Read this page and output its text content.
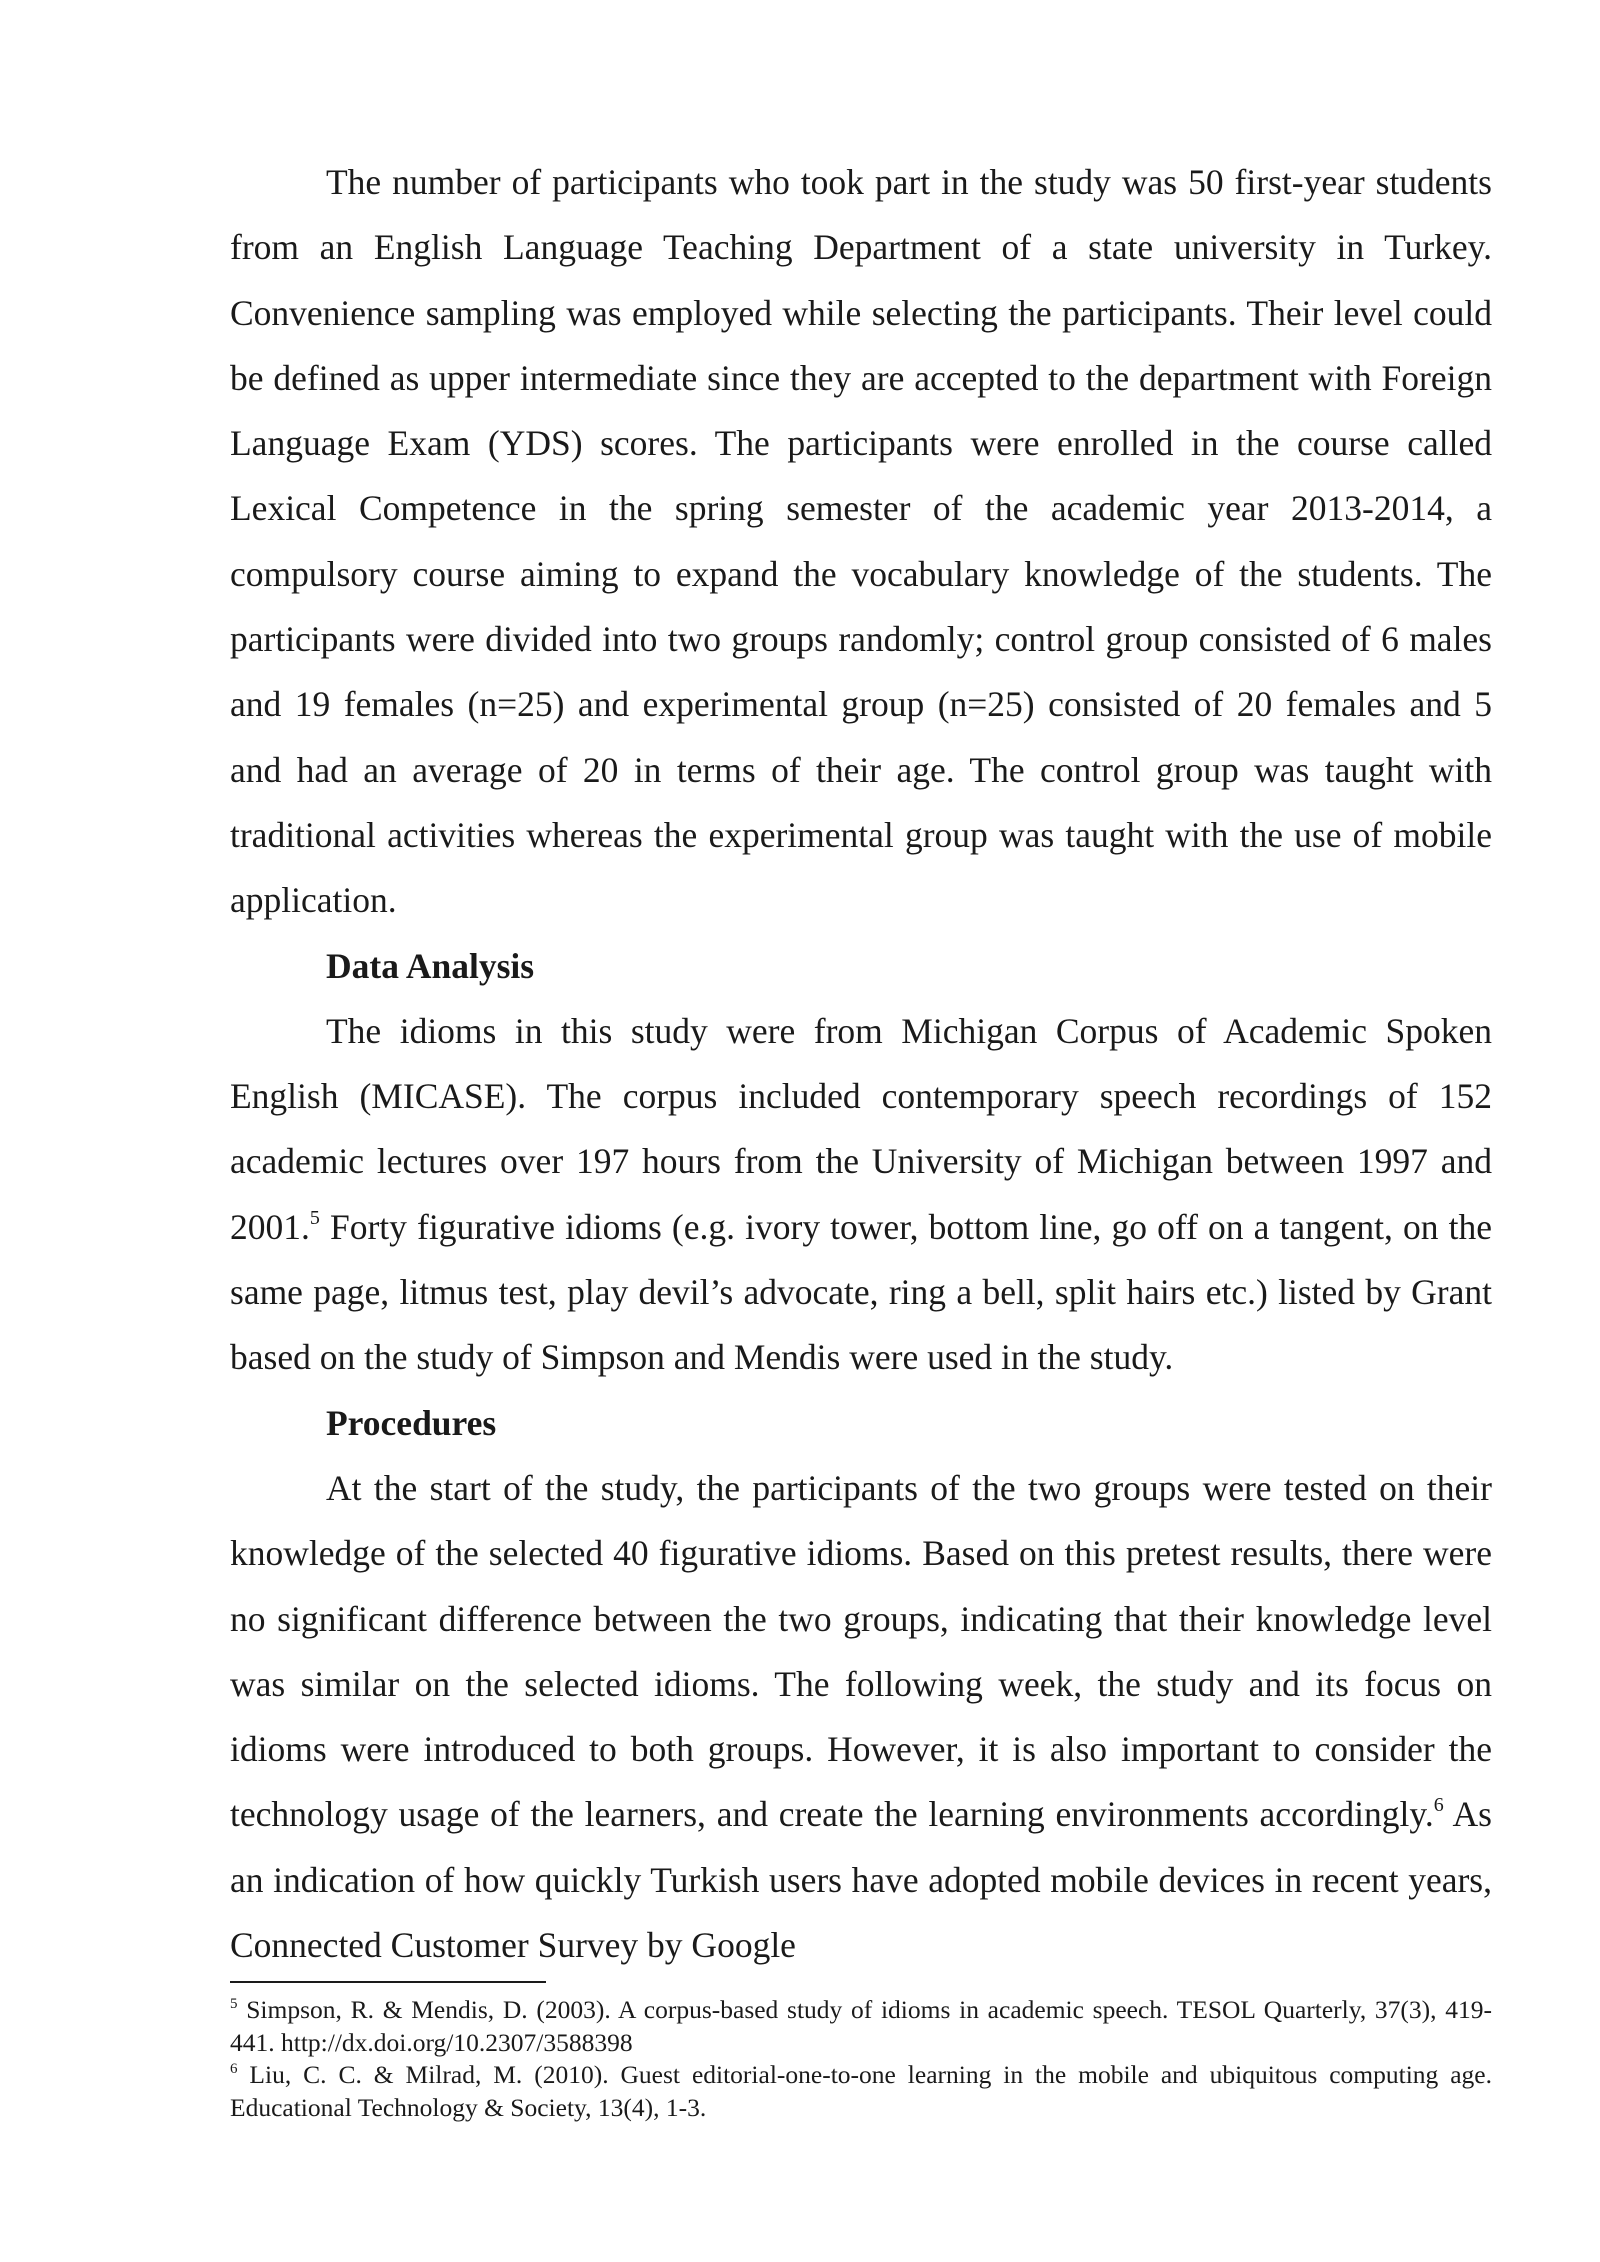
The number of participants who took part in the study was 50 first-year students from an English Language Teaching Department of a state university in Turkey. Convenience sampling was employed while selecting the participants. Their level could be defined as upper intermediate since they are accepted to the department with Foreign Language Exam (YDS) scores. The participants were enrolled in the course called Lexical Competence in the spring semester of the academic year 2013-2014, a compulsory course aiming to expand the vocabulary knowledge of the students. The participants were divided into two groups randomly; control group consisted of 6 males and 19 females (n=25) and experimental group (n=25) consisted of 20 females and 5 and had an average of 20 in terms of their age. The control group was taught with traditional activities whereas the experimental group was taught with the use of mobile application.

Data Analysis

The idioms in this study were from Michigan Corpus of Academic Spoken English (MICASE). The corpus included contemporary speech recordings of 152 academic lectures over 197 hours from the University of Michigan between 1997 and 2001.$^5$ Forty figurative idioms (e.g. ivory tower, bottom line, go off on a tangent, on the same page, litmus test, play devil’s advocate, ring a bell, split hairs etc.) listed by Grant based on the study of Simpson and Mendis were used in the study.

Procedures

At the start of the study, the participants of the two groups were tested on their knowledge of the selected 40 figurative idioms. Based on this pretest results, there were no significant difference between the two groups, indicating that their knowledge level was similar on the selected idioms. The following week, the study and its focus on idioms were introduced to both groups. However, it is also important to consider the technology usage of the learners, and create the learning environments accordingly.$^6$ As an indication of how quickly Turkish users have adopted mobile devices in recent years, Connected Customer Survey by Google

$^5$ Simpson, R. & Mendis, D. (2003). A corpus-based study of idioms in academic speech. TESOL Quarterly, 37(3), 419-441. http://dx.doi.org/10.2307/3588398

$^6$ Liu, C. C. & Milrad, M. (2010). Guest editorial-one-to-one learning in the mobile and ubiquitous computing age. Educational Technology & Society, 13(4), 1-3.
